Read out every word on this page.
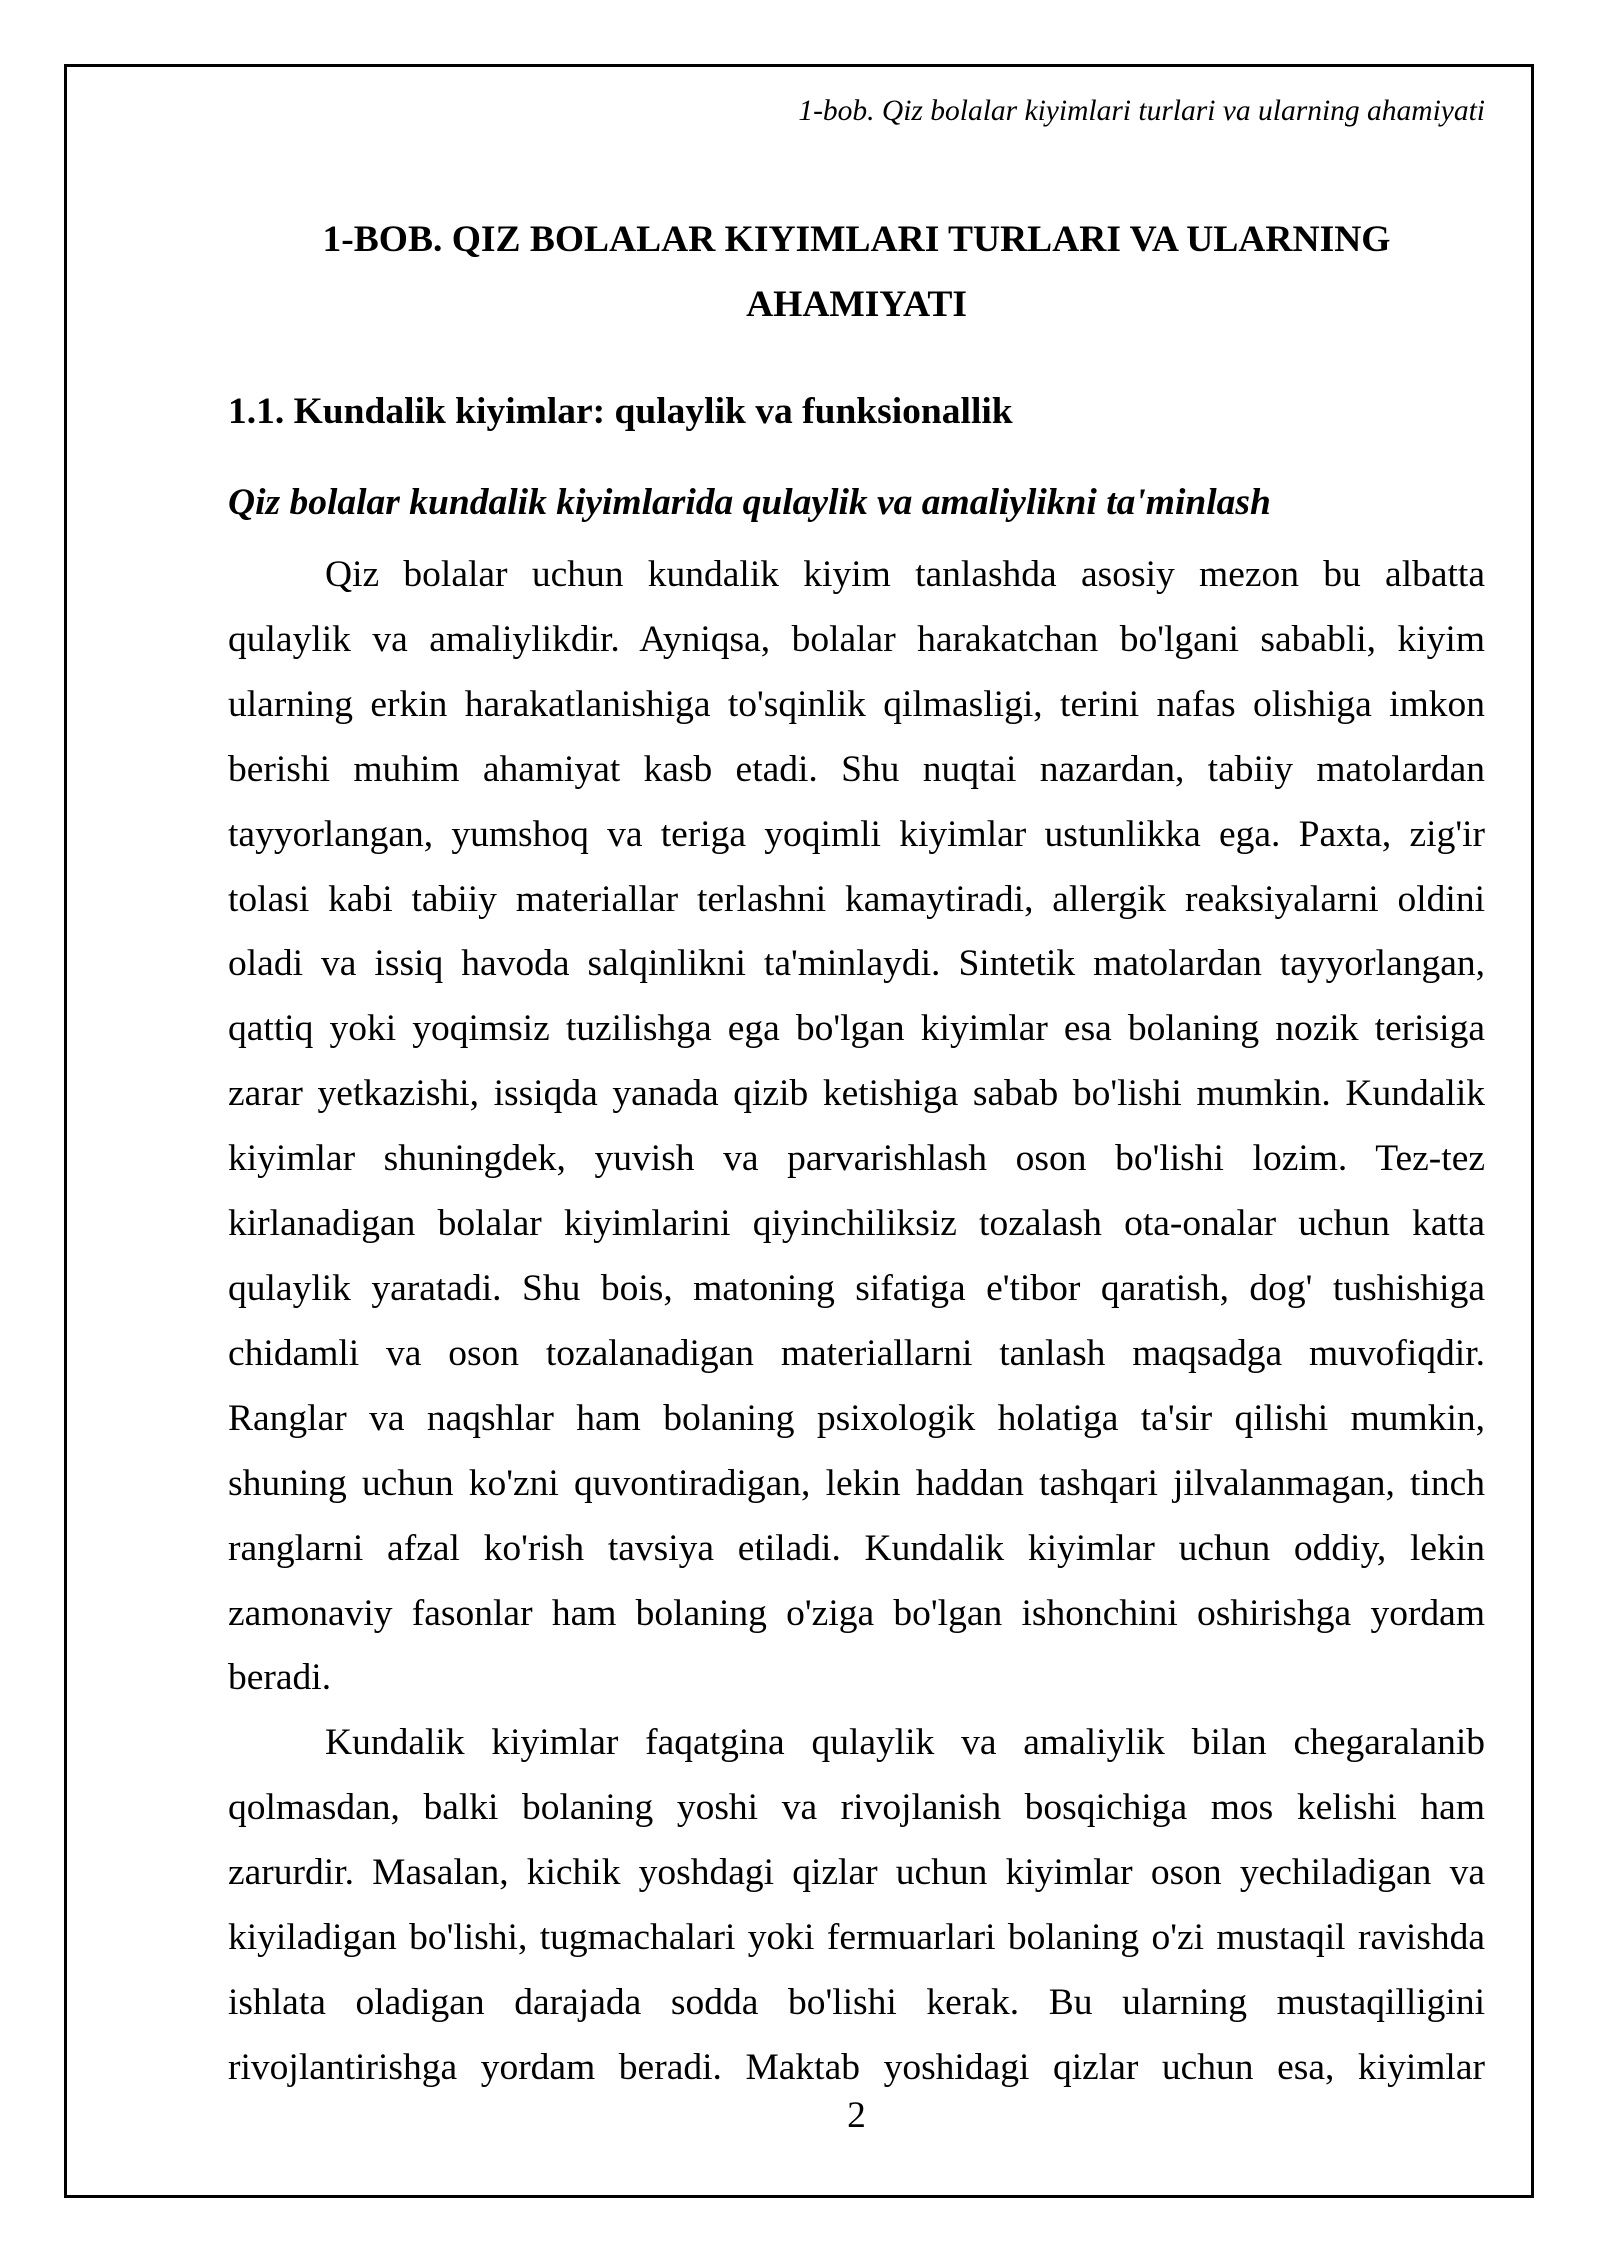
1-bob. Qiz bolalar kiyimlari turlari va ularning ahamiyati
1-BOB. QIZ BOLALAR KIYIMLARI TURLARI VA ULARNING
AHAMIYATI
1.1. Kundalik kiyimlar: qulaylik va funksionallik
Qiz bolalar kundalik kiyimlarida qulaylik va amaliylikni ta'minlash
Qiz bolalar uchun kundalik kiyim tanlashda asosiy mezon bu albatta
qulaylik va amaliylikdir. Ayniqsa, bolalar harakatchan bo'lgani sababli, kiyim
ularning erkin harakatlanishiga to'sqinlik qilmasligi, terini nafas olishiga imkon
berishi muhim ahamiyat kasb etadi. Shu nuqtai nazardan, tabiiy matolardan
tayyorlangan, yumshoq va teriga yoqimli kiyimlar ustunlikka ega. Paxta, zig'ir
tolasi kabi tabiiy materiallar terlashni kamaytiradi, allergik reaksiyalarni oldini
oladi va issiq havoda salqinlikni ta'minlaydi. Sintetik matolardan tayyorlangan,
qattiq yoki yoqimsiz tuzilishga ega bo'lgan kiyimlar esa bolaning nozik terisiga
zarar yetkazishi, issiqda yanada qizib ketishiga sabab bo'lishi mumkin. Kundalik
kiyimlar shuningdek, yuvish va parvarishlash oson bo'lishi lozim. Tez-tez
kirlanadigan bolalar kiyimlarini qiyinchiliksiz tozalash ota-onalar uchun katta
qulaylik yaratadi. Shu bois, matoning sifatiga e'tibor qaratish, dog' tushishiga
chidamli va oson tozalanadigan materiallarni tanlash maqsadga muvofiqdir.
Ranglar va naqshlar ham bolaning psixologik holatiga ta'sir qilishi mumkin,
shuning uchun ko'zni quvontiradigan, lekin haddan tashqari jilvalanmagan, tinch
ranglarni afzal ko'rish tavsiya etiladi. Kundalik kiyimlar uchun oddiy, lekin
zamonaviy fasonlar ham bolaning o'ziga bo'lgan ishonchini oshirishga yordam
beradi.
Kundalik kiyimlar faqatgina qulaylik va amaliylik bilan chegaralanib
qolmasdan, balki bolaning yoshi va rivojlanish bosqichiga mos kelishi ham
zarurdir. Masalan, kichik yoshdagi qizlar uchun kiyimlar oson yechiladigan va
kiyiladigan bo'lishi, tugmachalari yoki fermuarlari bolaning o'zi mustaqil ravishda
ishlata oladigan darajada sodda bo'lishi kerak. Bu ularning mustaqilligini
rivojlantirishga yordam beradi. Maktab yoshidagi qizlar uchun esa, kiyimlar
2
